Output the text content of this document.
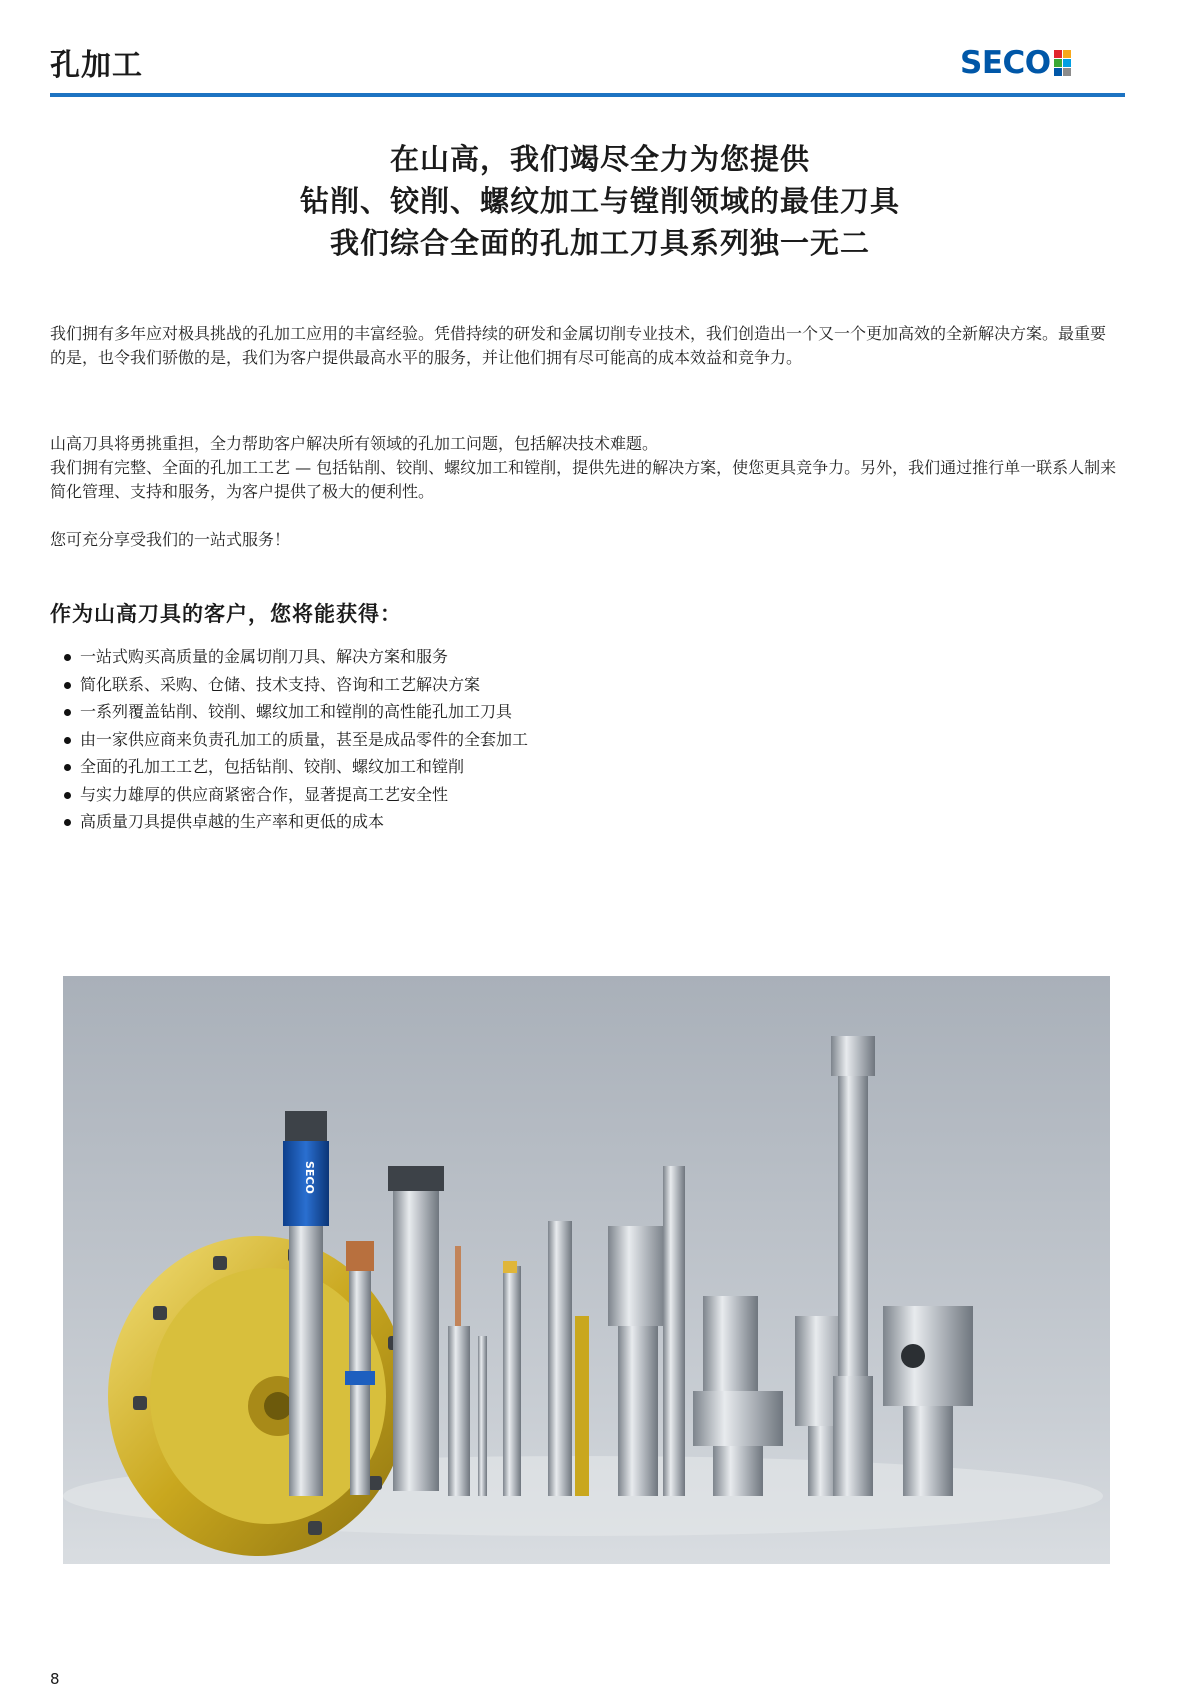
孔加工	SECO
在山高，我们竭尽全力为您提供
钻削、铰削、螺纹加工与镗削领域的最佳刀具
我们综合全面的孔加工刀具系列独一无二

我们拥有多年应对极具挑战的孔加工应用的丰富经验。凭借持续的研发和金属切削专业技术，我们创造出一个又一个更加高效的全新解决方案。最重要的是，也令我们骄傲的是，我们为客户提供最高水平的服务，并让他们拥有尽可能高的成本效益和竞争力。

山高刀具将勇挑重担，全力帮助客户解决所有领域的孔加工问题，包括解决技术难题。

我们拥有完整、全面的孔加工工艺 — 包括钻削、铰削、螺纹加工和镗削，提供先进的解决方案，使您更具竞争力。另外，我们通过推行单一联系人制来简化管理、支持和服务，为客户提供了极大的便利性。

您可充分享受我们的一站式服务！

作为山高刀具的客户，您将能获得：
一站式购买高质量的金属切削刀具、解决方案和服务
简化联系、采购、仓储、技术支持、咨询和工艺解决方案
一系列覆盖钻削、铰削、螺纹加工和镗削的高性能孔加工刀具
由一家供应商来负责孔加工的质量，甚至是成品零件的全套加工
全面的孔加工工艺，包括钻削、铰削、螺纹加工和镗削
与实力雄厚的供应商紧密合作，显著提高工艺安全性
高质量刀具提供卓越的生产率和更低的成本
SECO
8
